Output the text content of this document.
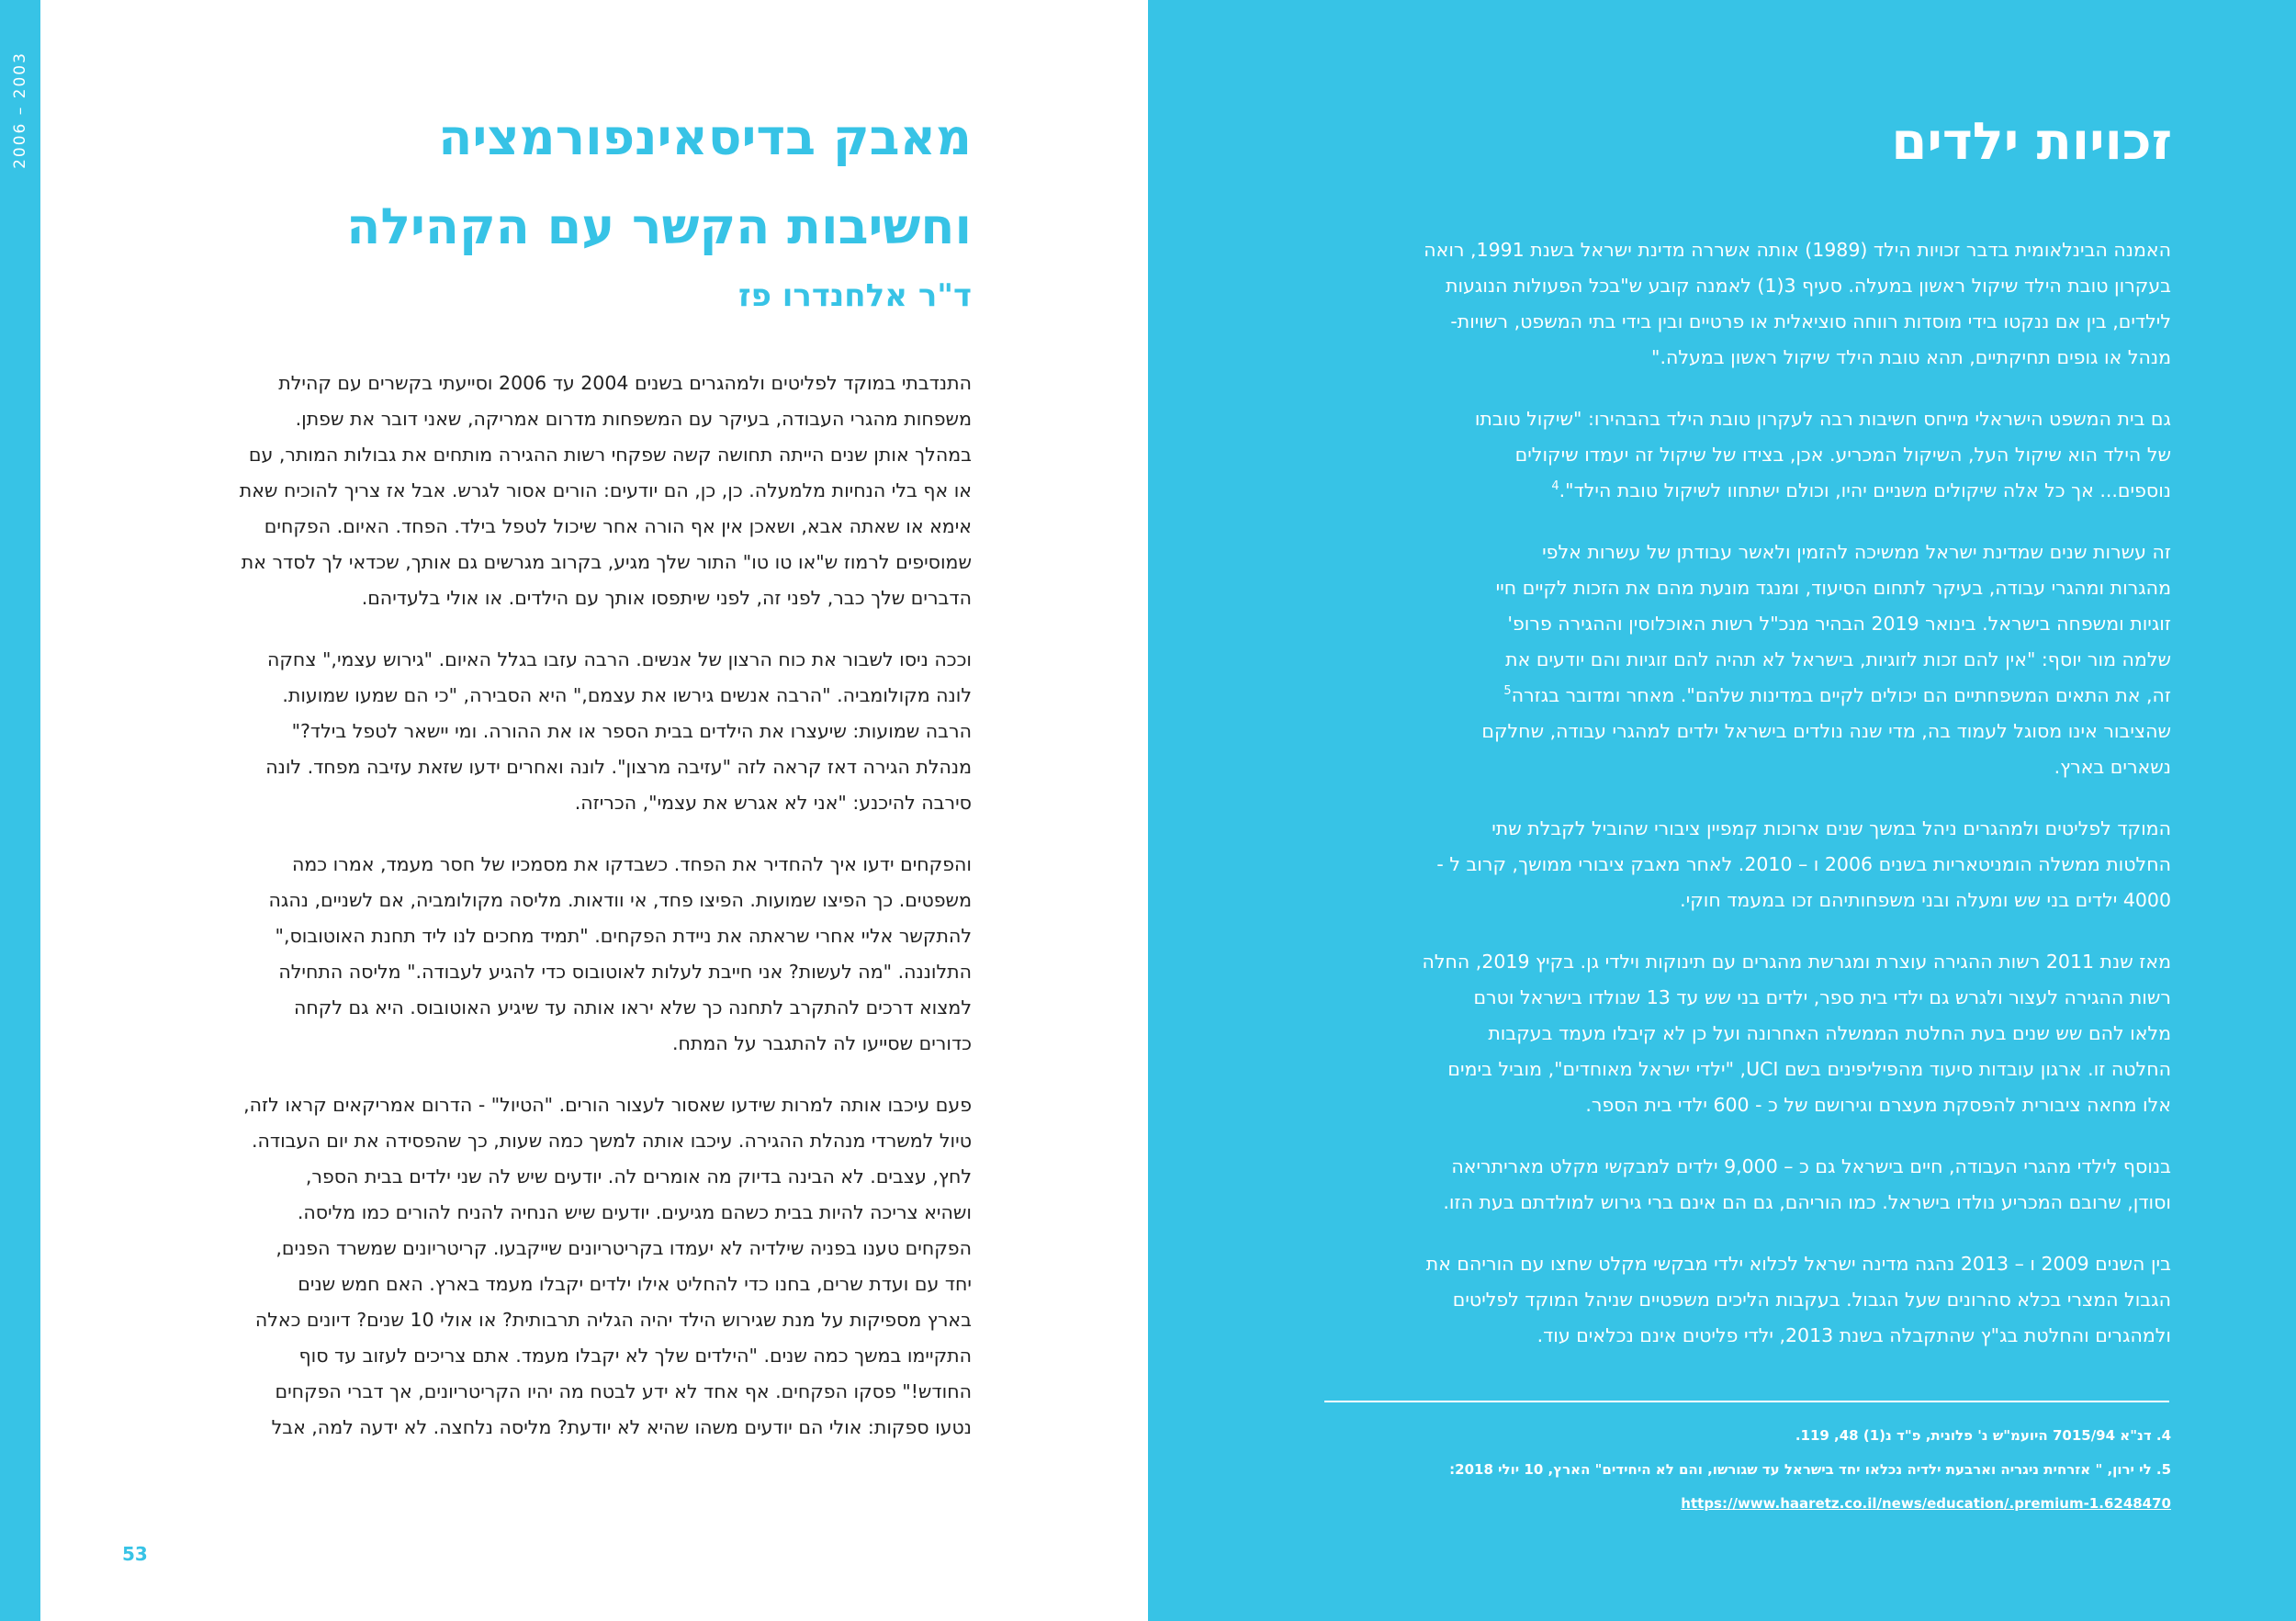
2006 – 2003	מאבק בדיסאינפורמציה
וחשיבות הקשר עם הקהילה
ד"ר אלחנדרו פז

התנדבתי במוקד לפליטים ולמהגרים בשנים 2004 עד 2006 וסייעתי בקשרים עם קהילת
משפחות מהגרי העבודה, בעיקר עם המשפחות מדרום אמריקה, שאני דובר את שפתן.
במהלך אותן שנים הייתה תחושה קשה שפקחי רשות ההגירה מותחים את גבולות המותר, עם
או אף בלי הנחיות מלמעלה. כן, כן, הם יודעים: הורים אסור לגרש. אבל אז צריך להוכיח שאת
אימא או שאתה אבא, ושאכן אין אף הורה אחר שיכול לטפל בילד. הפחד. האיום. הפקחים
שמוסיפים לרמוז ש"או טו טו" התור שלך מגיע, בקרוב מגרשים גם אותך, שכדאי לך לסדר את
הדברים שלך כבר, לפני זה, לפני שיתפסו אותך עם הילדים. או אולי בלעדיהם.

וככה ניסו לשבור את כוח הרצון של אנשים. הרבה עזבו בגלל האיום. "גירוש עצמי," צחקה
לונה מקולומביה. "הרבה אנשים גירשו את עצמם," היא הסבירה, "כי הם שמעו שמועות.
הרבה שמועות: שיעצרו את הילדים בבית הספר או את ההורה. ומי יישאר לטפל בילד?"
מנהלת הגירה דאז קראה לזה "עזיבה מרצון". לונה ואחרים ידעו שזאת עזיבה מפחד. לונה
סירבה להיכנע: "אני לא אגרש את עצמי", הכריזה.

והפקחים ידעו איך להחדיר את הפחד. כשבדקו את מסמכיו של חסר מעמד, אמרו כמה
משפטים. כך הפיצו שמועות. הפיצו פחד, אי וודאות. מליסה מקולומביה, אם לשניים, נהגה
להתקשר אליי אחרי שראתה את ניידת הפקחים. "תמיד מחכים לנו ליד תחנת האוטובוס,"
התלוננה. "מה לעשות? אני חייבת לעלות לאוטובוס כדי להגיע לעבודה." מליסה התחילה
למצוא דרכים להתקרב לתחנה כך שלא יראו אותה עד שיגיע האוטובוס. היא גם לקחה
כדורים שסייעו לה להתגבר על המתח.

פעם עיכבו אותה למרות שידעו שאסור לעצור הורים. "הטיול" - הדרום אמריקאים קראו לזה,
טיול למשרדי מנהלת ההגירה. עיכבו אותה למשך כמה שעות, כך שהפסידה את יום העבודה.
לחץ, עצבים. לא הבינה בדיוק מה אומרים לה. יודעים שיש לה שני ילדים בבית הספר,
ושהיא צריכה להיות בבית כשהם מגיעים. יודעים שיש הנחיה להניח להורים כמו מליסה.
הפקחים טענו בפניה שילדיה לא יעמדו בקריטריונים שייקבעו. קריטריונים שמשרד הפנים,
יחד עם ועדת שרים, בחנו כדי להחליט אילו ילדים יקבלו מעמד בארץ. האם חמש שנים
בארץ מספיקות על מנת שגירוש הילד יהיה הגליה תרבותית? או אולי 10 שנים? דיונים כאלה
התקיימו במשך כמה שנים. "הילדים שלך לא יקבלו מעמד. אתם צריכים לעזוב עד סוף
החודש!" פסקו הפקחים. אף אחד לא ידע לבטח מה יהיו הקריטריונים, אך דברי הפקחים
נטעו ספקות: אולי הם יודעים משהו שהיא לא יודעת? מליסה נלחצה. לא ידעה למה, אבל

53
זכויות ילדים

האמנה הבינלאומית בדבר זכויות הילד (1989) אותה אשררה מדינת ישראל בשנת 1991, רואה
בעקרון טובת הילד שיקול ראשון במעלה. סעיף 3(1) לאמנה קובע ש"בכל הפעולות הנוגעות
לילדים, בין אם ננקטו בידי מוסדות רווחה סוציאלית או פרטיים ובין בידי בתי המשפט, רשויות-
מנהל או גופים תחיקתיים, תהא טובת הילד שיקול ראשון במעלה."

גם בית המשפט הישראלי מייחס חשיבות רבה לעקרון טובת הילד בהבהירו: "שיקול טובתו
של הילד הוא שיקול העל, השיקול המכריע. אכן, בצידו של שיקול זה יעמדו שיקולים
נוספים... אך כל אלה שיקולים משניים יהיו, וכולם ישתחוו לשיקול טובת הילד".$^4$

זה עשרות שנים שמדינת ישראל ממשיכה להזמין ולאשר עבודתן של עשרות אלפי
מהגרות ומהגרי עבודה, בעיקר לתחום הסיעוד, ומנגד מונעת מהם את הזכות לקיים חיי
זוגיות ומשפחה בישראל. בינואר 2019 הבהיר מנכ"ל רשות האוכלוסין וההגירה פרופ'
שלמה מור יוסף: "אין להם זכות לזוגיות, בישראל לא תהיה להם זוגיות והם יודעים את
זה, את התאים המשפחתיים הם יכולים לקיים במדינות שלהם". מאחר ומדובר בגזרה$^5$
שהציבור אינו מסוגל לעמוד בה, מדי שנה נולדים בישראל ילדים למהגרי עבודה, שחלקם
נשארים בארץ.

המוקד לפליטים ולמהגרים ניהל במשך שנים ארוכות קמפיין ציבורי שהוביל לקבלת שתי
החלטות ממשלה הומניטאריות בשנים 2006 ו – 2010. לאחר מאבק ציבורי ממושך, קרוב ל -
4000 ילדים בני שש ומעלה ובני משפחותיהם זכו במעמד חוקי.

מאז שנת 2011 רשות ההגירה עוצרת ומגרשת מהגרים עם תינוקות וילדי גן. בקיץ 2019, החלה
רשות ההגירה לעצור ולגרש גם ילדי בית ספר, ילדים בני שש עד 13 שנולדו בישראל וטרם
מלאו להם שש שנים בעת החלטת הממשלה האחרונה ועל כן לא קיבלו מעמד בעקבות
החלטה זו. ארגון עובדות סיעוד מהפיליפינים בשם UCI, "ילדי ישראל מאוחדים", מוביל בימים
אלו מחאה ציבורית להפסקת מעצרם וגירושם של כ - 600 ילדי בית הספר.

בנוסף לילדי מהגרי העבודה, חיים בישראל גם כ – 9,000 ילדים למבקשי מקלט מאריתריאה
וסודן, שרובם המכריע נולדו בישראל. כמו הוריהם, גם הם אינם ברי גירוש למולדתם בעת הזו.

בין השנים 2009 ו – 2013 נהגה מדינה ישראל לכלוא ילדי מבקשי מקלט שחצו עם הוריהם את
הגבול המצרי בכלא סהרונים שעל הגבול. בעקבות הליכים משפטיים שניהל המוקד לפליטים
ולמהגרים והחלטת בג"ץ שהתקבלה בשנת 2013, ילדי פליטים אינם נכלאים עוד.

4. דנ"א 7015/94 היועמ"ש נ' פלונית, פ"ד נ(1) 48, 119.
5. לי ירון, " אזרחית ניגריה וארבעת ילדיה נכלאו יחד בישראל עד שגורשו, והם לא היחידים" הארץ, 10 יולי 2018:
https://www.haaretz.co.il/news/education/.premium-1.6248470
